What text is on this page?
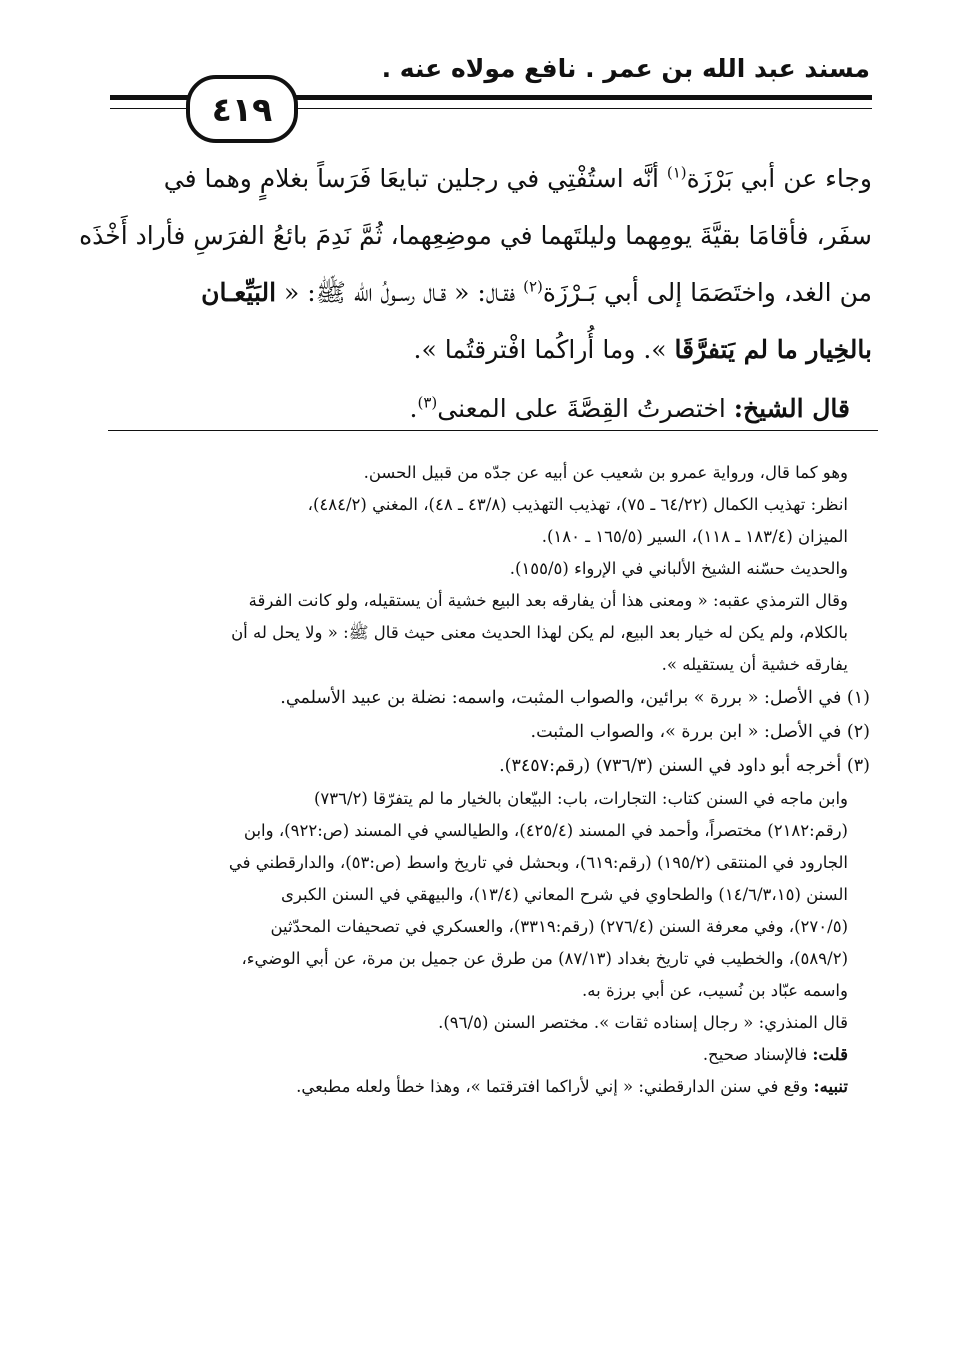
مسند عبد الله بن عمر . نافع مولاه عنه .
٤١٩

وجاء عن أبي بَرْزَة$^{(١)}$ أنَّه استُفْتِي في رجلين تبايعَا فَرَساً بغلامٍ وهما في

سفَر، فأقامَا بقيَّةَ يومِهما وليلتَهما في موضِعِهما، ثُمَّ نَدِمَ بائعُ الفرَسِ فأراد أَخْذَه

من الغد، واختَصَمَا إلى أبي بَـرْزَة$^{(٢)}$ فقـال: « قـال رسـولُ الله ﷺ: « البَيِّعـان

بالخِيار ما لم يَتفرَّقَا ». وما أُراكُما افْترقتُما ».

قال الشيخ: اختصرتُ القِصَّةَ على المعنى$^{(٣)}$.

وهو كما قال، ورواية عمرو بن شعيب عن أبيه عن جدّه من قبيل الحسن.

انظر: تهذيب الكمال (٦٤/٢٢ ـ ٧٥)، تهذيب التهذيب (٤٣/٨ ـ ٤٨)، المغني (٤٨٤/٢)،

الميزان (١٨٣/٤ ـ ١١٨)، السير (١٦٥/٥ ـ ١٨٠).

والحديث حسّنه الشيخ الألباني في الإرواء (١٥٥/٥).

وقال الترمذي عقبه: « ومعنى هذا أن يفارقه بعد البيع خشية أن يستقيله، ولو كانت الفرقة

بالكلام، ولم يكن له خيار بعد البيع، لم يكن لهذا الحديث معنى حيث قال ﷺ: « ولا يحل له أن

يفارقه خشية أن يستقيله ».

(١) في الأصل: « بررة » برائين، والصواب المثبت، واسمه: نضلة بن عبيد الأسلمي.

(٢) في الأصل: « ابن بررة »، والصواب المثبت.

(٣) أخرجه أبو داود في السنن (٧٣٦/٣) (رقم:٣٤٥٧).

وابن ماجه في السنن كتاب: التجارات، باب: البيّعان بالخيار ما لم يتفرّقا (٧٣٦/٢)

(رقم:٢١٨٢) مختصراً، وأحمد في المسند (٤٢٥/٤)، والطيالسي في المسند (ص:٩٢٢)، وابن

الجارود في المنتقى (١٩٥/٢) (رقم:٦١٩)، وبحشل في تاريخ واسط (ص:٥٣)، والدارقطني في

السنن (١٤/٦/٣،١٥) والطحاوي في شرح المعاني (١٣/٤)، والبيهقي في السنن الكبرى

(٢٧٠/٥)، وفي معرفة السنن (٢٧٦/٤) (رقم:٣٣١٩)، والعسكري في تصحيفات المحدّثين

(٥٨٩/٢)، والخطيب في تاريخ بغداد (٨٧/١٣) من طرق عن جميل بن مرة، عن أبي الوضيء،

واسمه عبّاد بن نُسيب، عن أبي برزة به.

قال المنذري: « رجال إسناده ثقات ». مختصر السنن (٩٦/٥).

قلت: فالإسناد صحيح.

تنبيه: وقع في سنن الدارقطني: « إني لأراكما افترقتما »، وهذا خطأ ولعله مطبعي.
